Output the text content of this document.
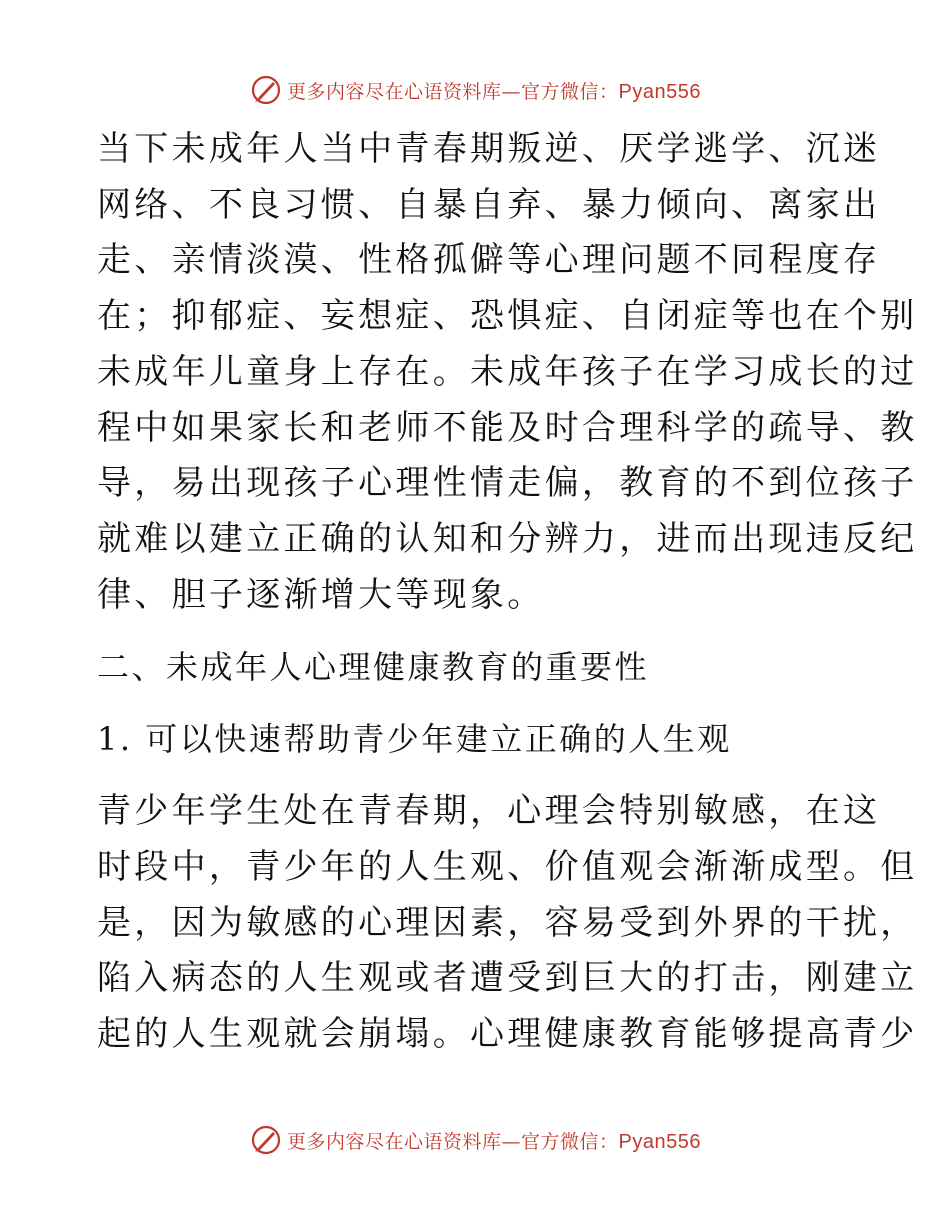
更多内容尽在心语资料库—官方微信：Pyan556

当下未成年人当中青春期叛逆、厌学逃学、沉迷

网络、不良习惯、自暴自弃、暴力倾向、离家出

走、亲情淡漠、性格孤僻等心理问题不同程度存

在；抑郁症、妄想症、恐惧症、自闭症等也在个别

未成年儿童身上存在。未成年孩子在学习成长的过

程中如果家长和老师不能及时合理科学的疏导、教

导，易出现孩子心理性情走偏，教育的不到位孩子

就难以建立正确的认知和分辨力，进而出现违反纪

律、胆子逐渐增大等现象。

二、未成年人心理健康教育的重要性

1. 可以快速帮助青少年建立正确的人生观

青少年学生处在青春期，心理会特别敏感，在这

时段中，青少年的人生观、价值观会渐渐成型。但

是，因为敏感的心理因素，容易受到外界的干扰，

陷入病态的人生观或者遭受到巨大的打击，刚建立

起的人生观就会崩塌。心理健康教育能够提高青少

更多内容尽在心语资料库—官方微信：Pyan556
